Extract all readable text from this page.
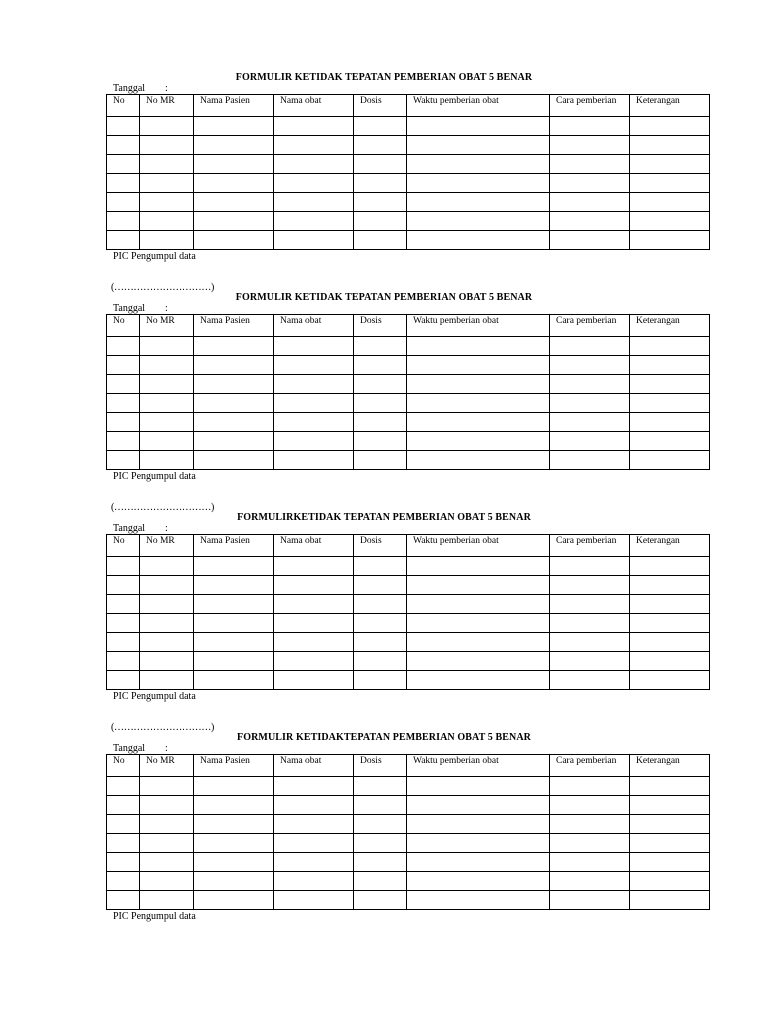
FORMULIR KETIDAK TEPATAN PEMBERIAN OBAT 5 BENAR
Tanggal :
No	No MR	Nama Pasien	Nama obat	Dosis	Waktu pemberian obat	Cara pemberian	Keterangan

PIC Pengumpul data
(…………………………)
FORMULIR KETIDAK TEPATAN PEMBERIAN OBAT 5 BENAR
Tanggal :
No	No MR	Nama Pasien	Nama obat	Dosis	Waktu pemberian obat	Cara pemberian	Keterangan

PIC Pengumpul data
(…………………………)
FORMULIRKETIDAK TEPATAN PEMBERIAN OBAT 5 BENAR
Tanggal :
No	No MR	Nama Pasien	Nama obat	Dosis	Waktu pemberian obat	Cara pemberian	Keterangan

PIC Pengumpul data
(…………………………)
FORMULIR KETIDAKTEPATAN PEMBERIAN OBAT 5 BENAR
Tanggal :
No	No MR	Nama Pasien	Nama obat	Dosis	Waktu pemberian obat	Cara pemberian	Keterangan

PIC Pengumpul data
